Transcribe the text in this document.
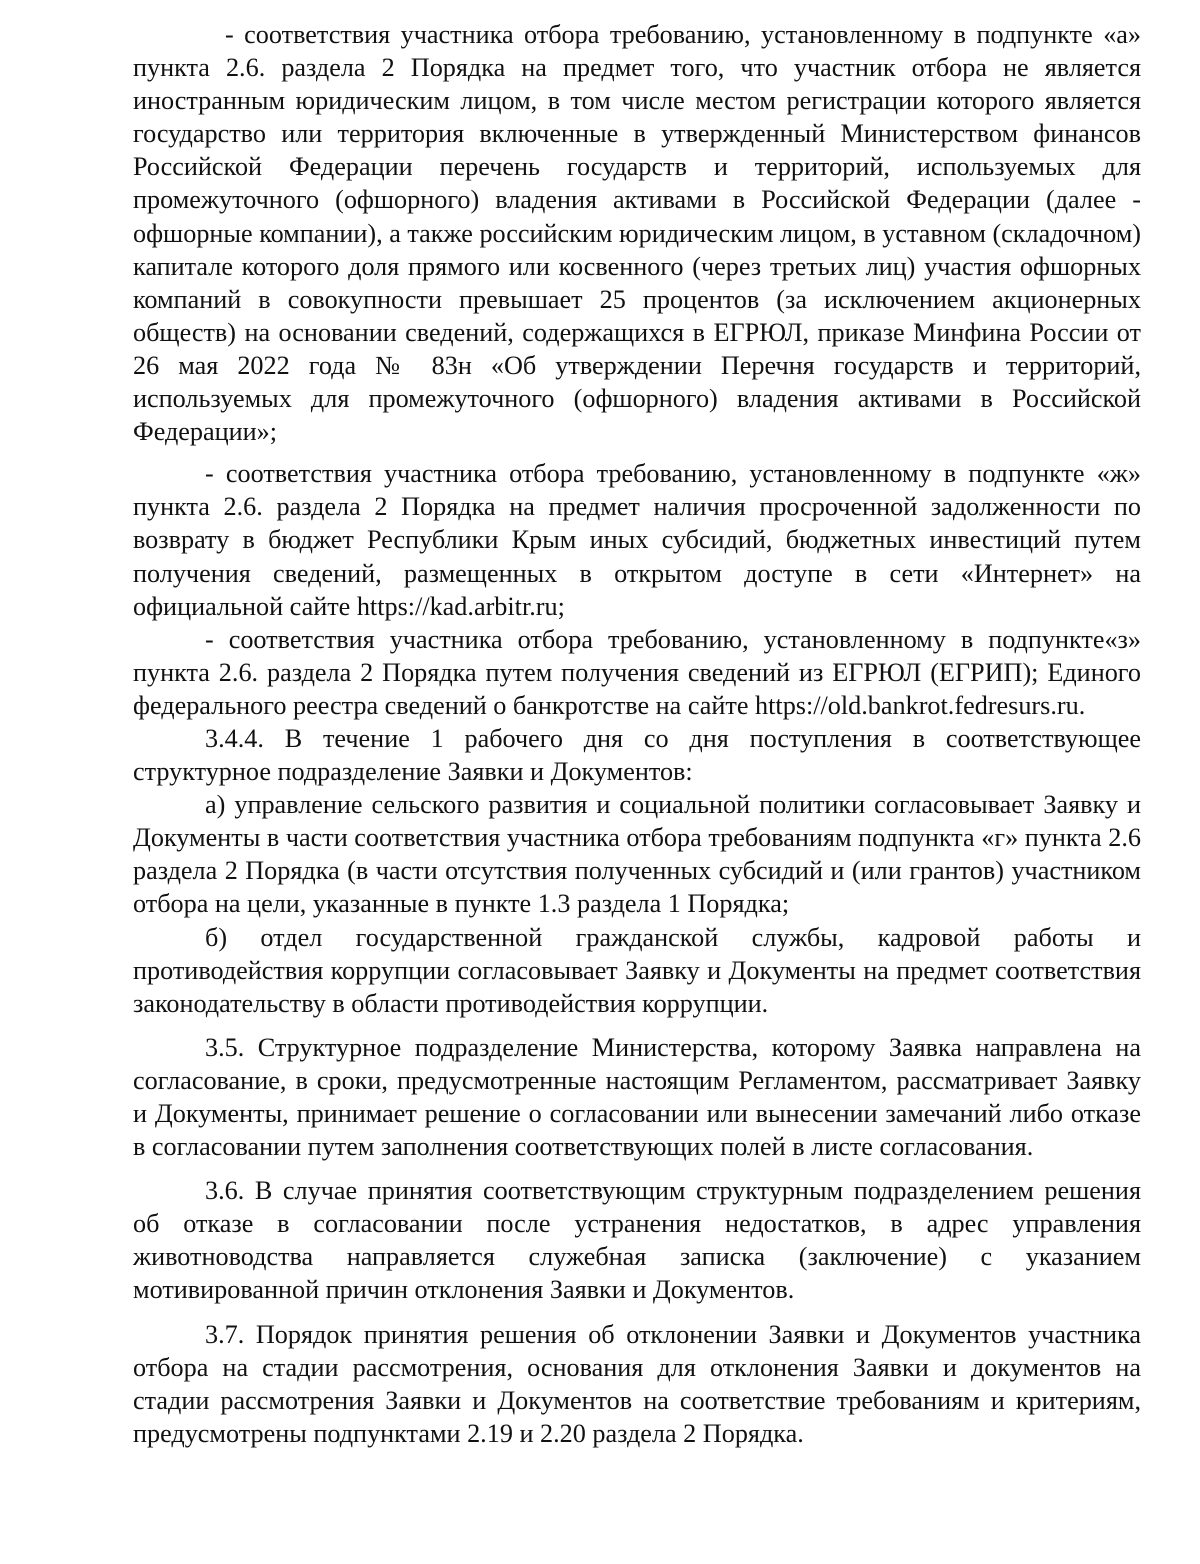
- соответствия участника отбора требованию, установленному в подпункте «а» пункта 2.6. раздела 2 Порядка на предмет того, что участник отбора не является иностранным юридическим лицом, в том числе местом регистрации которого является государство или территория включенные в утвержденный Министерством финансов Российской Федерации перечень государств и территорий, используемых для промежуточного (офшорного) владения активами в Российской Федерации (далее - офшорные компании), а также российским юридическим лицом, в уставном (складочном) капитале которого доля прямого или косвенного (через третьих лиц) участия офшорных компаний в совокупности превышает 25 процентов (за исключением акционерных обществ) на основании сведений, содержащихся в ЕГРЮЛ, приказе Минфина России от 26 мая 2022 года № 83н «Об утверждении Перечня государств и территорий, используемых для промежуточного (офшорного) владения активами в Российской Федерации»;

- соответствия участника отбора требованию, установленному в подпункте «ж» пункта 2.6. раздела 2 Порядка на предмет наличия просроченной задолженности по возврату в бюджет Республики Крым иных субсидий, бюджетных инвестиций путем получения сведений, размещенных в открытом доступе в сети «Интернет» на официальной сайте https://kad.arbitr.ru;

- соответствия участника отбора требованию, установленному в подпункте«з» пункта 2.6. раздела 2 Порядка путем получения сведений из ЕГРЮЛ (ЕГРИП); Единого федерального реестра сведений о банкротстве на сайте https://old.bankrot.fedresurs.ru.

3.4.4. В течение 1 рабочего дня со дня поступления в соответствующее структурное подразделение Заявки и Документов:

а) управление сельского развития и социальной политики согласовывает Заявку и Документы в части соответствия участника отбора требованиям подпункта «г» пункта 2.6 раздела 2 Порядка (в части отсутствия полученных субсидий и (или грантов) участником отбора на цели, указанные в пункте 1.3 раздела 1 Порядка;

б) отдел государственной гражданской службы, кадровой работы и противодействия коррупции согласовывает Заявку и Документы на предмет соответствия законодательству в области противодействия коррупции.

3.5. Структурное подразделение Министерства, которому Заявка направлена на согласование, в сроки, предусмотренные настоящим Регламентом, рассматривает Заявку и Документы, принимает решение о согласовании или вынесении замечаний либо отказе в согласовании путем заполнения соответствующих полей в листе согласования.

3.6. В случае принятия соответствующим структурным подразделением решения об отказе в согласовании после устранения недостатков, в адрес управления животноводства направляется служебная записка (заключение) с указанием мотивированной причин отклонения Заявки и Документов.

3.7. Порядок принятия решения об отклонении Заявки и Документов участника отбора на стадии рассмотрения, основания для отклонения Заявки и документов на стадии рассмотрения Заявки и Документов на соответствие требованиям и критериям, предусмотрены подпунктами 2.19 и 2.20 раздела 2 Порядка.
